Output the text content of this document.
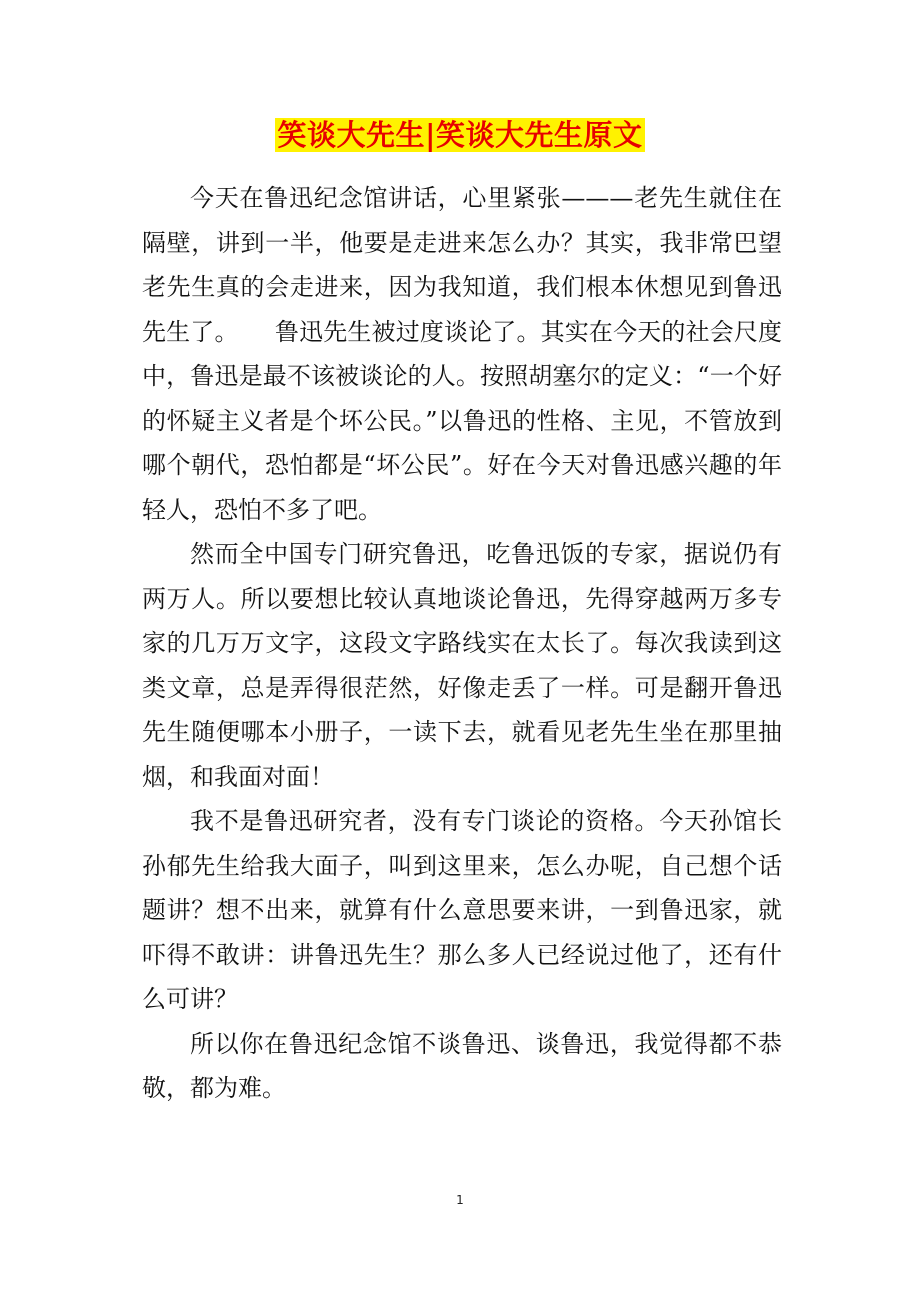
笑谈大先生|笑谈大先生原文

今天在鲁迅纪念馆讲话，心里紧张———老先生就住在隔壁，讲到一半，他要是走进来怎么办？其实，我非常巴望老先生真的会走进来，因为我知道，我们根本休想见到鲁迅先生了。　　鲁迅先生被过度谈论了。其实在今天的社会尺度中，鲁迅是最不该被谈论的人。按照胡塞尔的定义：“一个好的怀疑主义者是个坏公民。”以鲁迅的性格、主见，不管放到哪个朝代，恐怕都是“坏公民”。好在今天对鲁迅感兴趣的年轻人，恐怕不多了吧。

然而全中国专门研究鲁迅，吃鲁迅饭的专家，据说仍有两万人。所以要想比较认真地谈论鲁迅，先得穿越两万多专家的几万万文字，这段文字路线实在太长了。每次我读到这类文章，总是弄得很茫然，好像走丢了一样。可是翻开鲁迅先生随便哪本小册子，一读下去，就看见老先生坐在那里抽烟，和我面对面！

我不是鲁迅研究者，没有专门谈论的资格。今天孙馆长孙郁先生给我大面子，叫到这里来，怎么办呢，自己想个话题讲？想不出来，就算有什么意思要来讲，一到鲁迅家，就吓得不敢讲：讲鲁迅先生？那么多人已经说过他了，还有什么可讲？

所以你在鲁迅纪念馆不谈鲁迅、谈鲁迅，我觉得都不恭敬，都为难。

1
